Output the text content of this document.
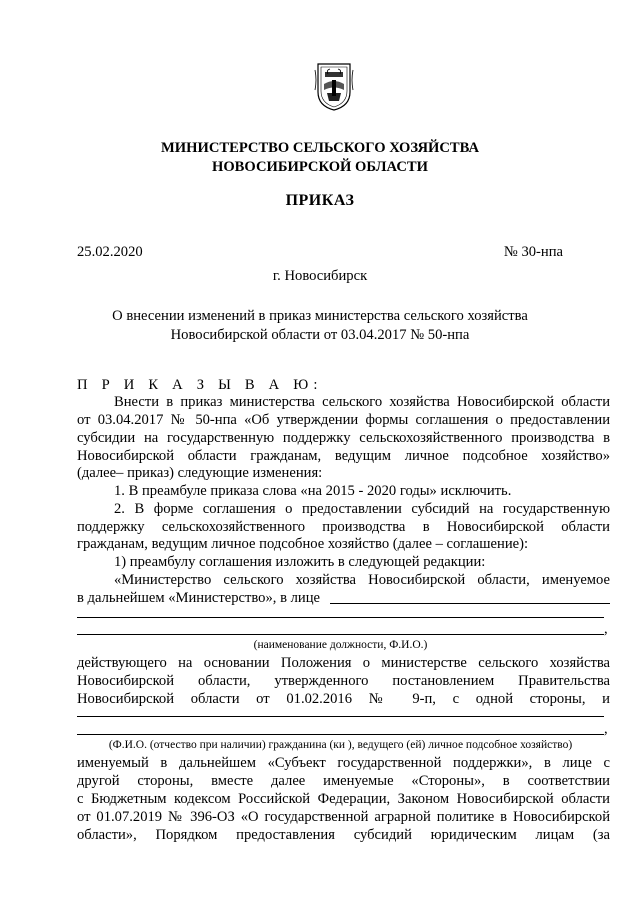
МИНИСТЕРСТВО СЕЛЬСКОГО ХОЗЯЙСТВА
НОВОСИБИРСКОЙ ОБЛАСТИ
ПРИКАЗ
25.02.2020	№ 30-нпа
г. Новосибирск
О внесении изменений в приказ министерства сельского хозяйства
Новосибирской области от 03.04.2017 № 50-нпа
П Р И К А З Ы В А Ю:
Внести в приказ министерства сельского хозяйства Новосибирской области
от 03.04.2017 № 50-нпа «Об утверждении формы соглашения о предоставлении
субсидии на государственную поддержку сельскохозяйственного производства в
Новосибирской области гражданам, ведущим личное подсобное хозяйство»
(далее– приказ) следующие изменения:
1. В преамбуле приказа слова «на 2015 - 2020 годы» исключить.
2. В форме соглашения о предоставлении субсидий на государственную
поддержку сельскохозяйственного производства в Новосибирской области
гражданам, ведущим личное подсобное хозяйство (далее – соглашение):
1) преамбулу соглашения изложить в следующей редакции:
«Министерство сельского хозяйства Новосибирской области, именуемое
в дальнейшем «Министерство», в лице
,
(наименование должности, Ф.И.О.)
действующего на основании Положения о министерстве сельского хозяйства
Новосибирской области, утвержденного постановлением Правительства
Новосибирской области от 01.02.2016 № 9-п, с одной стороны, и
,
(Ф.И.О. (отчество при наличии) гражданина (ки ), ведущего (ей) личное подсобное хозяйство)
именуемый в дальнейшем «Субъект государственной поддержки», в лице с
другой стороны, вместе далее именуемые «Стороны», в соответствии
с Бюджетным кодексом Российской Федерации, Законом Новосибирской области
от 01.07.2019 № 396-ОЗ «О государственной аграрной политике в Новосибирской
области», Порядком предоставления субсидий юридическим лицам (за
